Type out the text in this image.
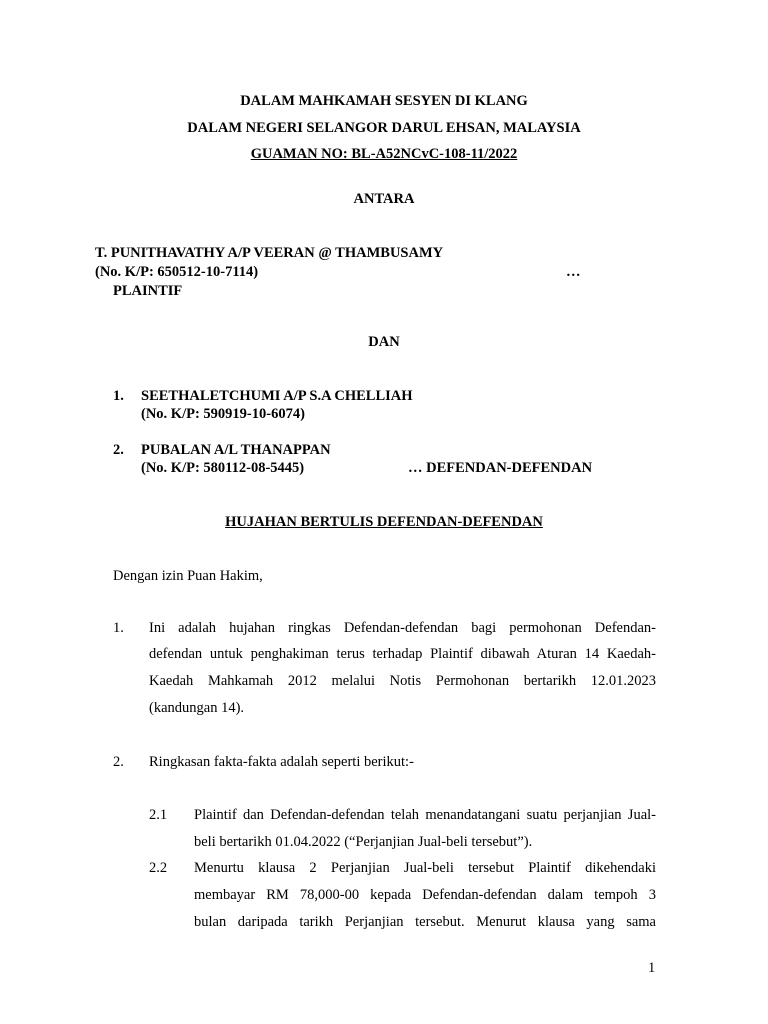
DALAM MAHKAMAH SESYEN DI KLANG
DALAM NEGERI SELANGOR DARUL EHSAN, MALAYSIA
GUAMAN NO: BL-A52NCvC-108-11/2022
ANTARA
T. PUNITHAVATHY A/P VEERAN @ THAMBUSAMY
(No. K/P: 650512-10-7114)	…
PLAINTIF
DAN
1. SEETHALETCHUMI A/P S.A CHELLIAH
(No. K/P: 590919-10-6074)
2. PUBALAN A/L THANAPPAN
(No. K/P: 580112-08-5445)	… DEFENDAN-DEFENDAN
HUJAHAN BERTULIS DEFENDAN-DEFENDAN
Dengan izin Puan Hakim,
1. Ini adalah hujahan ringkas Defendan-defendan bagi permohonan Defendan-
defendan untuk penghakiman terus terhadap Plaintif dibawah Aturan 14 Kaedah-
Kaedah Mahkamah 2012 melalui Notis Permohonan bertarikh 12.01.2023
(kandungan 14).
2. Ringkasan fakta-fakta adalah seperti berikut:-
2.1 Plaintif dan Defendan-defendan telah menandatangani suatu perjanjian Jual-
beli bertarikh 01.04.2022 (“Perjanjian Jual-beli tersebut”).
2.2 Menurtu klausa 2 Perjanjian Jual-beli tersebut Plaintif dikehendaki
membayar RM 78,000-00 kepada Defendan-defendan dalam tempoh 3
bulan daripada tarikh Perjanjian tersebut. Menurut klausa yang sama
1
